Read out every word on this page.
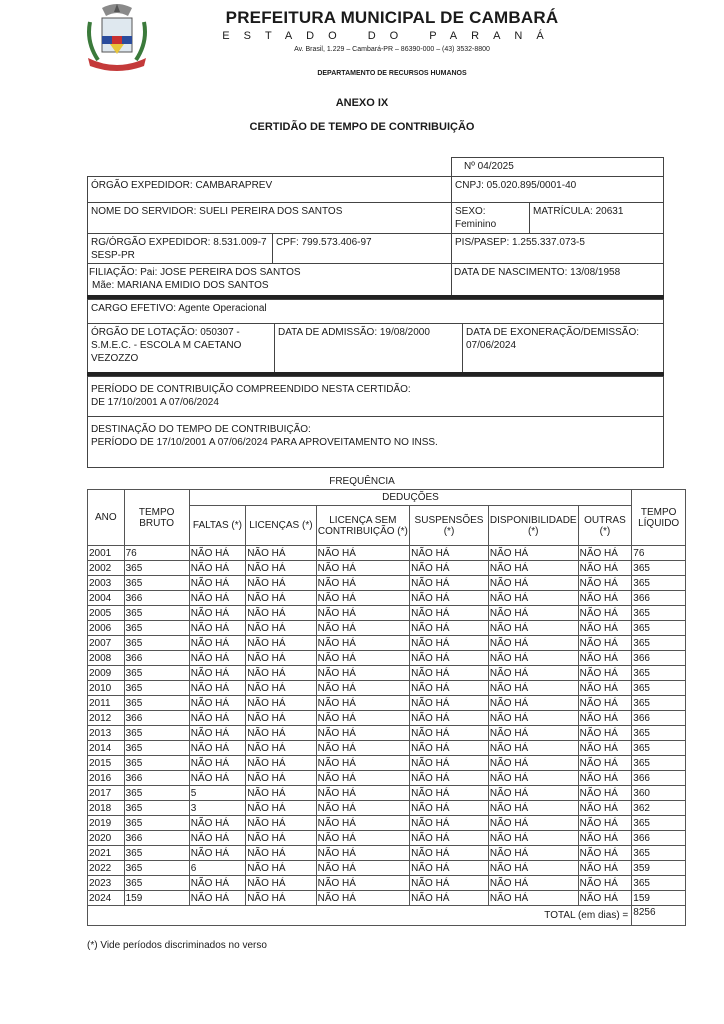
PREFEITURA MUNICIPAL DE CAMBARÁ
ESTADO DO PARANÁ
Av. Brasil, 1.229 – Cambará-PR – 86390-000 – (43) 3532-8800
DEPARTAMENTO DE RECURSOS HUMANOS
ANEXO IX
CERTIDÃO DE TEMPO DE CONTRIBUIÇÃO
Nº 04/2025
ÓRGÃO EXPEDIDOR: CAMBARAPREV	CNPJ: 05.020.895/0001-40
NOME DO SERVIDOR: SUELI PEREIRA DOS SANTOS	SEXO:
Feminino
MATRÍCULA: 20631
RG/ÓRGÃO EXPEDIDOR: 8.531.009-7
SESP-PR
CPF: 799.573.406-97	PIS/PASEP: 1.255.337.073-5
FILIAÇÃO: Pai: JOSE PEREIRA DOS SANTOS
Mãe: MARIANA EMIDIO DOS SANTOS
DATA DE NASCIMENTO: 13/08/1958
CARGO EFETIVO: Agente Operacional
ÓRGÃO DE LOTAÇÃO: 050307 -
S.M.E.C. - ESCOLA M CAETANO
VEZOZZO
DATA DE ADMISSÃO: 19/08/2000	DATA DE EXONERAÇÃO/DEMISSÃO:
07/06/2024
PERÍODO DE CONTRIBUIÇÃO COMPREENDIDO NESTA CERTIDÃO:
DE 17/10/2001 A 07/06/2024
DESTINAÇÃO DO TEMPO DE CONTRIBUIÇÃO:
PERÍODO DE 17/10/2001 A 07/06/2024 PARA APROVEITAMENTO NO INSS.
FREQUÊNCIA
ANO	TEMPO BRUTO	DEDUÇÕES						TEMPO LÍQUIDO
		FALTAS (*)	LICENÇAS (*)	LICENÇA SEM CONTRIBUIÇÃO (*)	SUSPENSÕES (*)	DISPONIBILIDADE (*)	OUTRAS (*)	
2001	76	NÃO HÁ	NÃO HÁ	NÃO HÁ	NÃO HÁ	NÃO HÁ	NÃO HÁ	76
2002	365	NÃO HÁ	NÃO HÁ	NÃO HÁ	NÃO HÁ	NÃO HÁ	NÃO HÁ	365
2003	365	NÃO HÁ	NÃO HÁ	NÃO HÁ	NÃO HÁ	NÃO HÁ	NÃO HÁ	365
2004	366	NÃO HÁ	NÃO HÁ	NÃO HÁ	NÃO HÁ	NÃO HÁ	NÃO HÁ	366
2005	365	NÃO HÁ	NÃO HÁ	NÃO HÁ	NÃO HÁ	NÃO HÁ	NÃO HÁ	365
2006	365	NÃO HÁ	NÃO HÁ	NÃO HÁ	NÃO HÁ	NÃO HÁ	NÃO HÁ	365
2007	365	NÃO HÁ	NÃO HÁ	NÃO HÁ	NÃO HÁ	NÃO HÁ	NÃO HÁ	365
2008	366	NÃO HÁ	NÃO HÁ	NÃO HÁ	NÃO HÁ	NÃO HÁ	NÃO HÁ	366
2009	365	NÃO HÁ	NÃO HÁ	NÃO HÁ	NÃO HÁ	NÃO HÁ	NÃO HÁ	365
2010	365	NÃO HÁ	NÃO HÁ	NÃO HÁ	NÃO HÁ	NÃO HÁ	NÃO HÁ	365
2011	365	NÃO HÁ	NÃO HÁ	NÃO HÁ	NÃO HÁ	NÃO HÁ	NÃO HÁ	365
2012	366	NÃO HÁ	NÃO HÁ	NÃO HÁ	NÃO HÁ	NÃO HÁ	NÃO HÁ	366
2013	365	NÃO HÁ	NÃO HÁ	NÃO HÁ	NÃO HÁ	NÃO HÁ	NÃO HÁ	365
2014	365	NÃO HÁ	NÃO HÁ	NÃO HÁ	NÃO HÁ	NÃO HÁ	NÃO HÁ	365
2015	365	NÃO HÁ	NÃO HÁ	NÃO HÁ	NÃO HÁ	NÃO HÁ	NÃO HÁ	365
2016	366	NÃO HÁ	NÃO HÁ	NÃO HÁ	NÃO HÁ	NÃO HÁ	NÃO HÁ	366
2017	365	5	NÃO HÁ	NÃO HÁ	NÃO HÁ	NÃO HÁ	NÃO HÁ	360
2018	365	3	NÃO HÁ	NÃO HÁ	NÃO HÁ	NÃO HÁ	NÃO HÁ	362
2019	365	NÃO HÁ	NÃO HÁ	NÃO HÁ	NÃO HÁ	NÃO HÁ	NÃO HÁ	365
2020	366	NÃO HÁ	NÃO HÁ	NÃO HÁ	NÃO HÁ	NÃO HÁ	NÃO HÁ	366
2021	365	NÃO HÁ	NÃO HÁ	NÃO HÁ	NÃO HÁ	NÃO HÁ	NÃO HÁ	365
2022	365	6	NÃO HÁ	NÃO HÁ	NÃO HÁ	NÃO HÁ	NÃO HÁ	359
2023	365	NÃO HÁ	NÃO HÁ	NÃO HÁ	NÃO HÁ	NÃO HÁ	NÃO HÁ	365
2024	159	NÃO HÁ	NÃO HÁ	NÃO HÁ	NÃO HÁ	NÃO HÁ	NÃO HÁ	159
TOTAL (em dias) =								8256
(*) Vide períodos discriminados no verso
